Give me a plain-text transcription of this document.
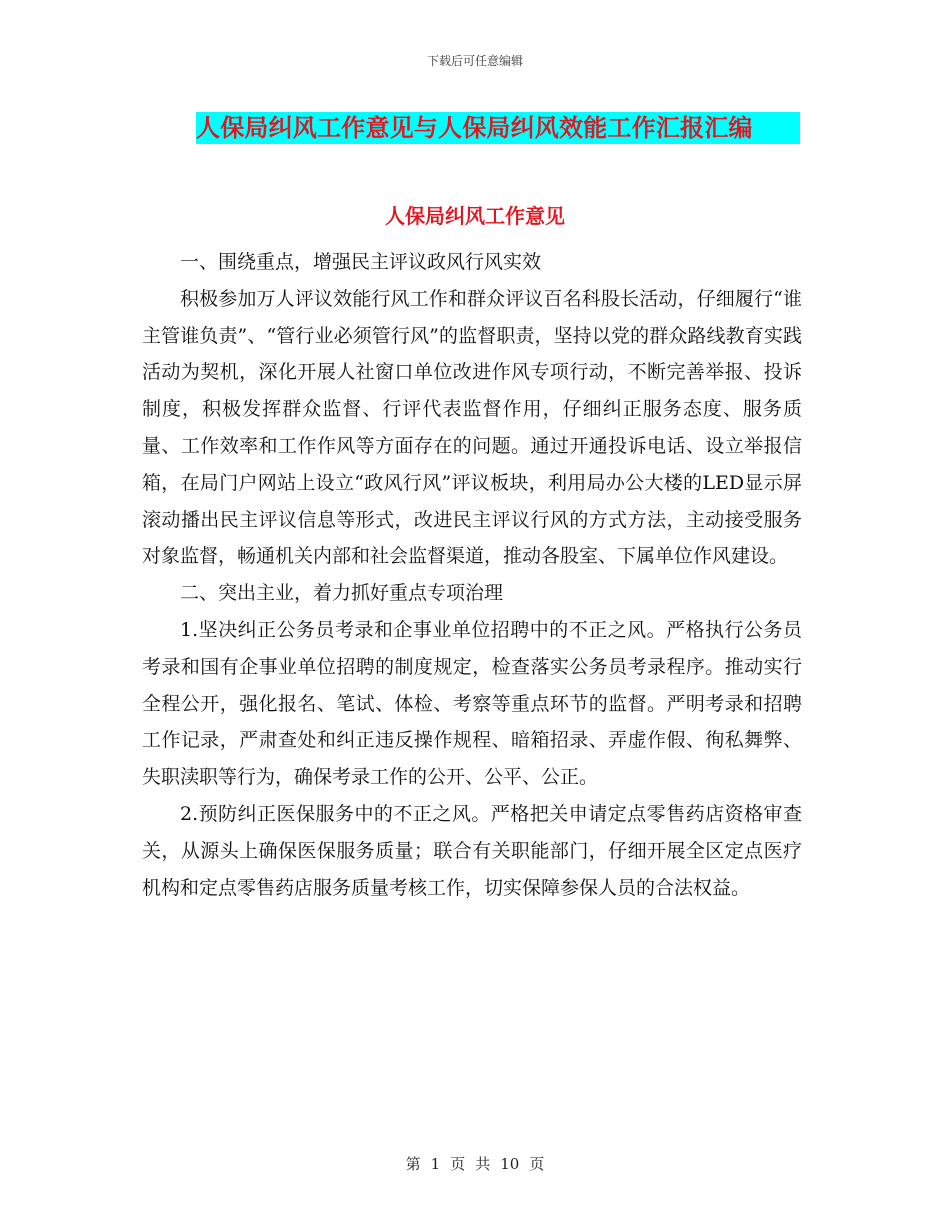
下载后可任意编辑
人保局纠风工作意见与人保局纠风效能工作汇报汇编
人保局纠风工作意见

一、围绕重点，增强民主评议政风行风实效

积极参加万人评议效能行风工作和群众评议百名科股长活动，仔细履行“谁主管谁负责”、“管行业必须管行风”的监督职责，坚持以党的群众路线教育实践活动为契机，深化开展人社窗口单位改进作风专项行动，不断完善举报、投诉制度，积极发挥群众监督、行评代表监督作用，仔细纠正服务态度、服务质量、工作效率和工作作风等方面存在的问题。通过开通投诉电话、设立举报信箱，在局门户网站上设立“政风行风”评议板块，利用局办公大楼的LED显示屏滚动播出民主评议信息等形式，改进民主评议行风的方式方法，主动接受服务对象监督，畅通机关内部和社会监督渠道，推动各股室、下属单位作风建设。

二、突出主业，着力抓好重点专项治理

1.坚决纠正公务员考录和企事业单位招聘中的不正之风。严格执行公务员考录和国有企事业单位招聘的制度规定，检查落实公务员考录程序。推动实行全程公开，强化报名、笔试、体检、考察等重点环节的监督。严明考录和招聘工作记录，严肃查处和纠正违反操作规程、暗箱招录、弄虚作假、徇私舞弊、失职渎职等行为，确保考录工作的公开、公平、公正。

2.预防纠正医保服务中的不正之风。严格把关申请定点零售药店资格审查关，从源头上确保医保服务质量；联合有关职能部门，仔细开展全区定点医疗机构和定点零售药店服务质量考核工作，切实保障参保人员的合法权益。

第 1 页 共 10 页
